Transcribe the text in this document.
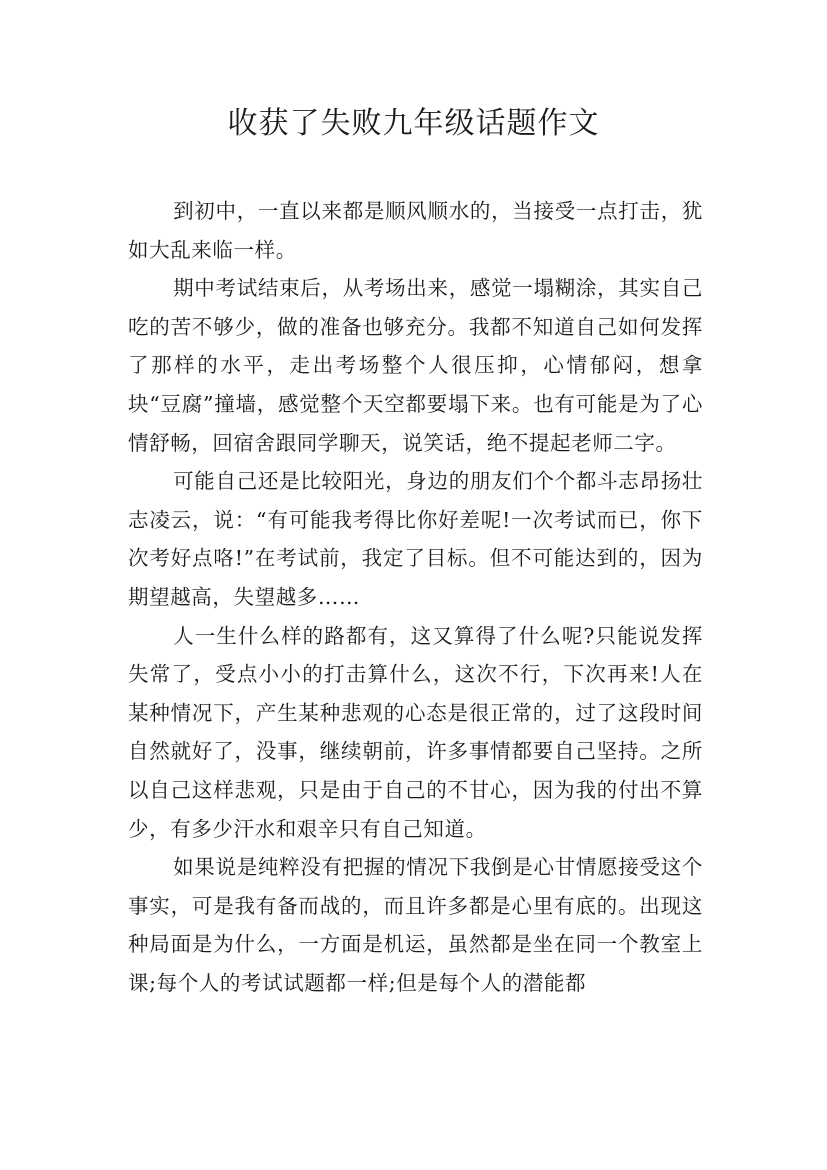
收获了失败九年级话题作文

到初中，一直以来都是顺风顺水的，当接受一点打击，犹如大乱来临一样。

期中考试结束后，从考场出来，感觉一塌糊涂，其实自己吃的苦不够少，做的准备也够充分。我都不知道自己如何发挥了那样的水平，走出考场整个人很压抑，心情郁闷，想拿块“豆腐”撞墙，感觉整个天空都要塌下来。也有可能是为了心情舒畅，回宿舍跟同学聊天，说笑话，绝不提起老师二字。

可能自己还是比较阳光，身边的朋友们个个都斗志昂扬壮志凌云，说：“有可能我考得比你好差呢!一次考试而已，你下次考好点咯!”在考试前，我定了目标。但不可能达到的，因为期望越高，失望越多……

人一生什么样的路都有，这又算得了什么呢?只能说发挥失常了，受点小小的打击算什么，这次不行，下次再来!人在某种情况下，产生某种悲观的心态是很正常的，过了这段时间自然就好了，没事，继续朝前，许多事情都要自己坚持。之所以自己这样悲观，只是由于自己的不甘心，因为我的付出不算少，有多少汗水和艰辛只有自己知道。

如果说是纯粹没有把握的情况下我倒是心甘情愿接受这个事实，可是我有备而战的，而且许多都是心里有底的。出现这种局面是为什么，一方面是机运，虽然都是坐在同一个教室上课;每个人的考试试题都一样;但是每个人的潜能都
